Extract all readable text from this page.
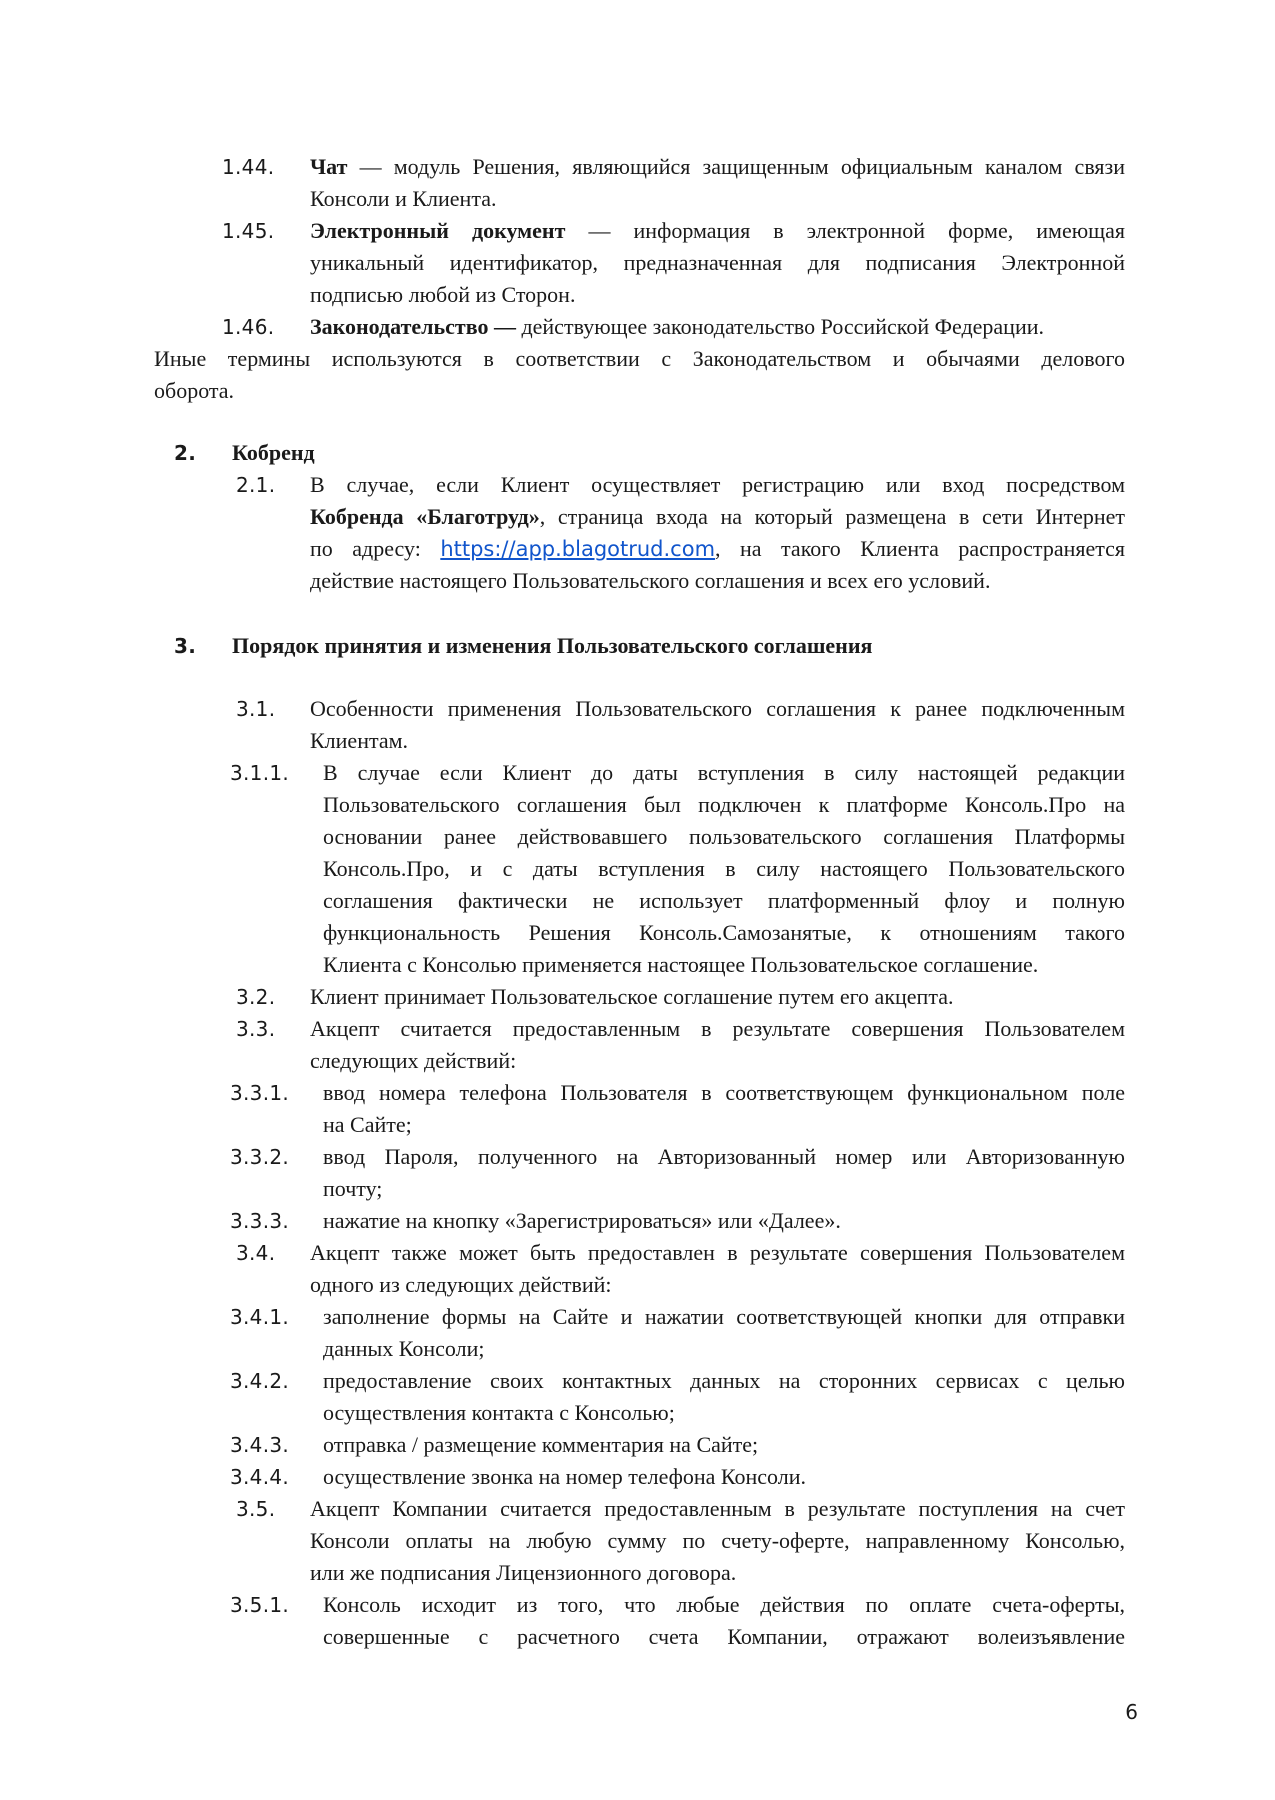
1.44. Чат — модуль Решения, являющийся защищенным официальным каналом связи
Консоли и Клиента.
1.45. Электронный документ — информация в электронной форме, имеющая
уникальный идентификатор, предназначенная для подписания Электронной
подписью любой из Сторон.
1.46. Законодательство — действующее законодательство Российской Федерации.
Иные термины используются в соответствии с Законодательством и обычаями делового
оборота.
2. Кобренд
2.1. В случае, если Клиент осуществляет регистрацию или вход посредством
Кобренда «Благотруд», страница входа на который размещена в сети Интернет
по адресу: https://app.blagotrud.com, на такого Клиента распространяется
действие настоящего Пользовательского соглашения и всех его условий.
3. Порядок принятия и изменения Пользовательского соглашения
3.1. Особенности применения Пользовательского соглашения к ранее подключенным
Клиентам.
3.1.1. В случае если Клиент до даты вступления в силу настоящей редакции
Пользовательского соглашения был подключен к платформе Консоль.Про на
основании ранее действовавшего пользовательского соглашения Платформы
Консоль.Про, и с даты вступления в силу настоящего Пользовательского
соглашения фактически не использует платформенный флоу и полную
функциональность Решения Консоль.Самозанятые, к отношениям такого
Клиента с Консолью применяется настоящее Пользовательское соглашение.
3.2. Клиент принимает Пользовательское соглашение путем его акцепта.
3.3. Акцепт считается предоставленным в результате совершения Пользователем
следующих действий:
3.3.1. ввод номера телефона Пользователя в соответствующем функциональном поле
на Сайте;
3.3.2. ввод Пароля, полученного на Авторизованный номер или Авторизованную
почту;
3.3.3. нажатие на кнопку «Зарегистрироваться» или «Далее».
3.4. Акцепт также может быть предоставлен в результате совершения Пользователем
одного из следующих действий:
3.4.1. заполнение формы на Сайте и нажатии соответствующей кнопки для отправки
данных Консоли;
3.4.2. предоставление своих контактных данных на сторонних сервисах с целью
осуществления контакта с Консолью;
3.4.3. отправка / размещение комментария на Сайте;
3.4.4. осуществление звонка на номер телефона Консоли.
3.5. Акцепт Компании считается предоставленным в результате поступления на счет
Консоли оплаты на любую сумму по счету-оферте, направленному Консолью,
или же подписания Лицензионного договора.
3.5.1. Консоль исходит из того, что любые действия по оплате счета-оферты,
совершенные с расчетного счета Компании, отражают волеизъявление
6
